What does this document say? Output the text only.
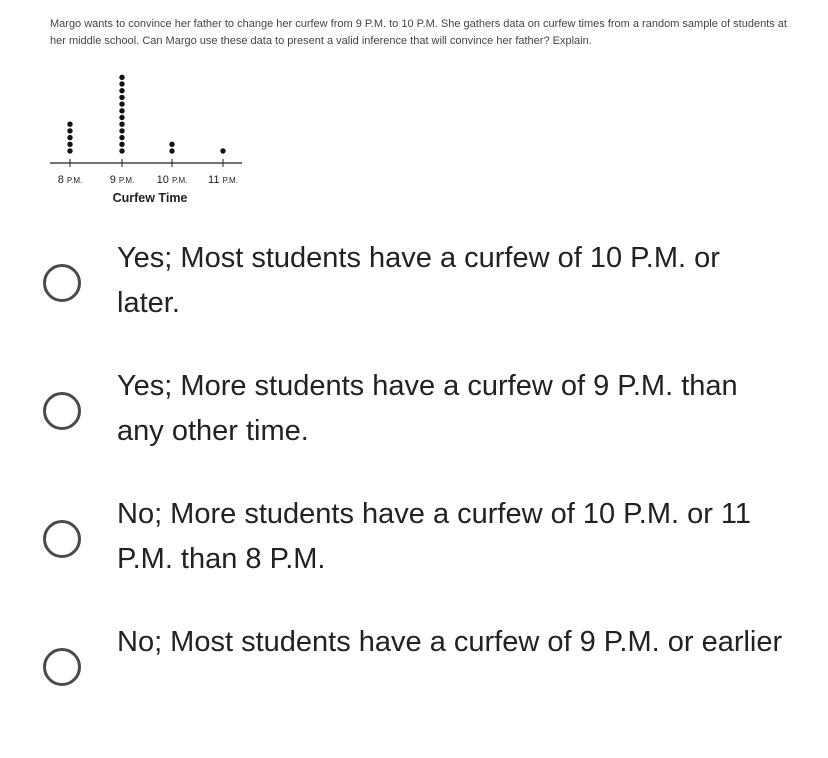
Margo wants to convince her father to change her curfew from 9 P.M. to 10 P.M. She gathers data on curfew times from a random sample of students at her middle school. Can Margo use these data to present a valid inference that will convince her father? Explain.

8 P.M. 9 P.M. 10 P.M. 11 P.M.
Curfew Time
Yes; Most students have a curfew of 10 P.M. or later.
Yes; More students have a curfew of 9 P.M. than any other time.
No; More students have a curfew of 10 P.M. or 11 P.M. than 8 P.M.
No; Most students have a curfew of 9 P.M. or earlier
